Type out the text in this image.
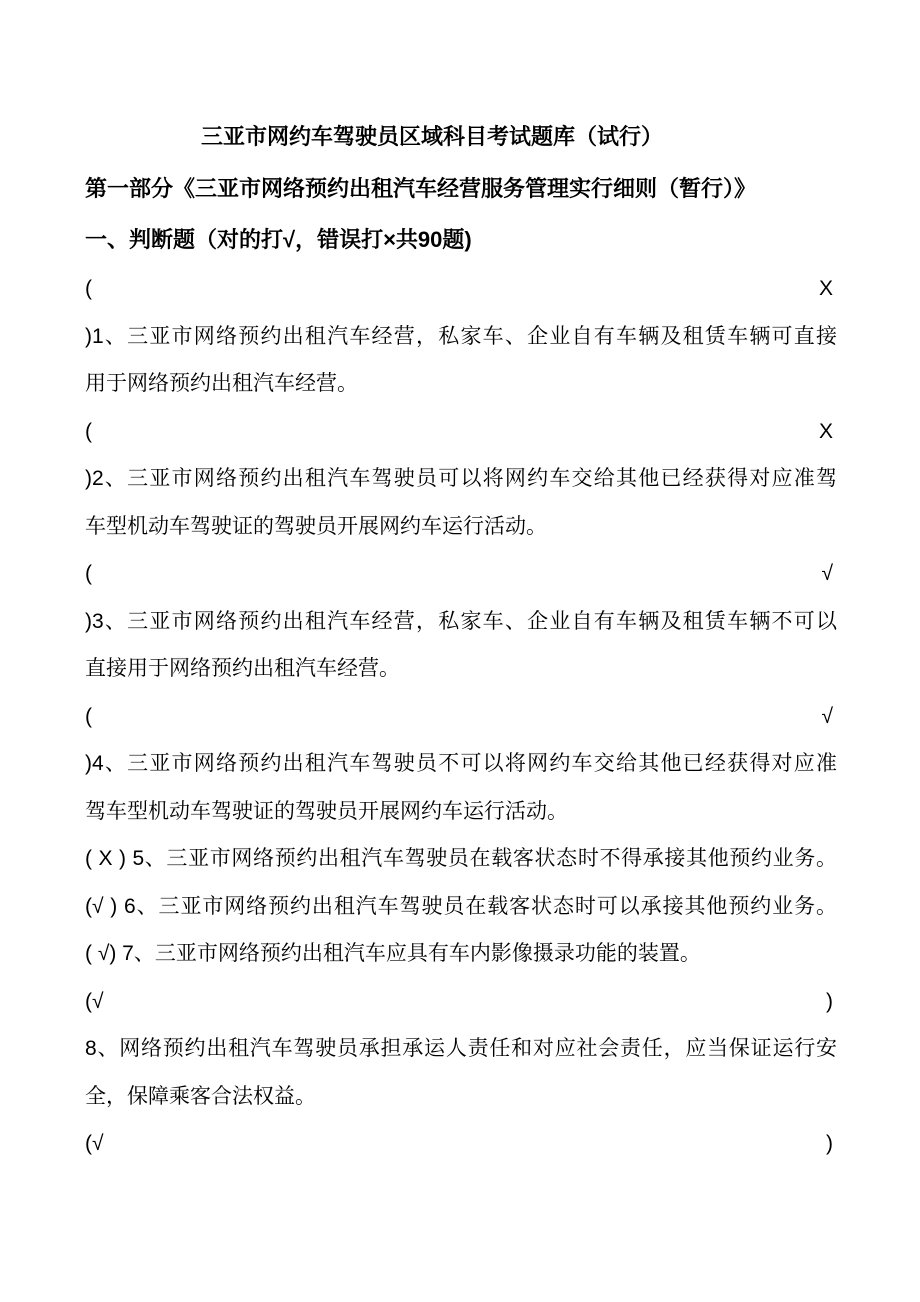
三亚市网约车驾驶员区域科目考试题库（试行）
第一部分《三亚市网络预约出租汽车经营服务管理实行细则（暂行）》
一、判断题（对的打√，错误打×共90题)
(	X
)1、三亚市网络预约出租汽车经营，私家车、企业自有车辆及租赁车辆可直接
用于网络预约出租汽车经营。
(	X
)2、三亚市网络预约出租汽车驾驶员可以将网约车交给其他已经获得对应准驾
车型机动车驾驶证的驾驶员开展网约车运行活动。
(	√
)3、三亚市网络预约出租汽车经营，私家车、企业自有车辆及租赁车辆不可以
直接用于网络预约出租汽车经营。
(	√
)4、三亚市网络预约出租汽车驾驶员不可以将网约车交给其他已经获得对应准
驾车型机动车驾驶证的驾驶员开展网约车运行活动。
( X ) 5、三亚市网络预约出租汽车驾驶员在载客状态时不得承接其他预约业务。
(√ ) 6、三亚市网络预约出租汽车驾驶员在载客状态时可以承接其他预约业务。
( √) 7、三亚市网络预约出租汽车应具有车内影像摄录功能的装置。
(√	)
8、网络预约出租汽车驾驶员承担承运人责任和对应社会责任，应当保证运行安
全，保障乘客合法权益。
(√	)
